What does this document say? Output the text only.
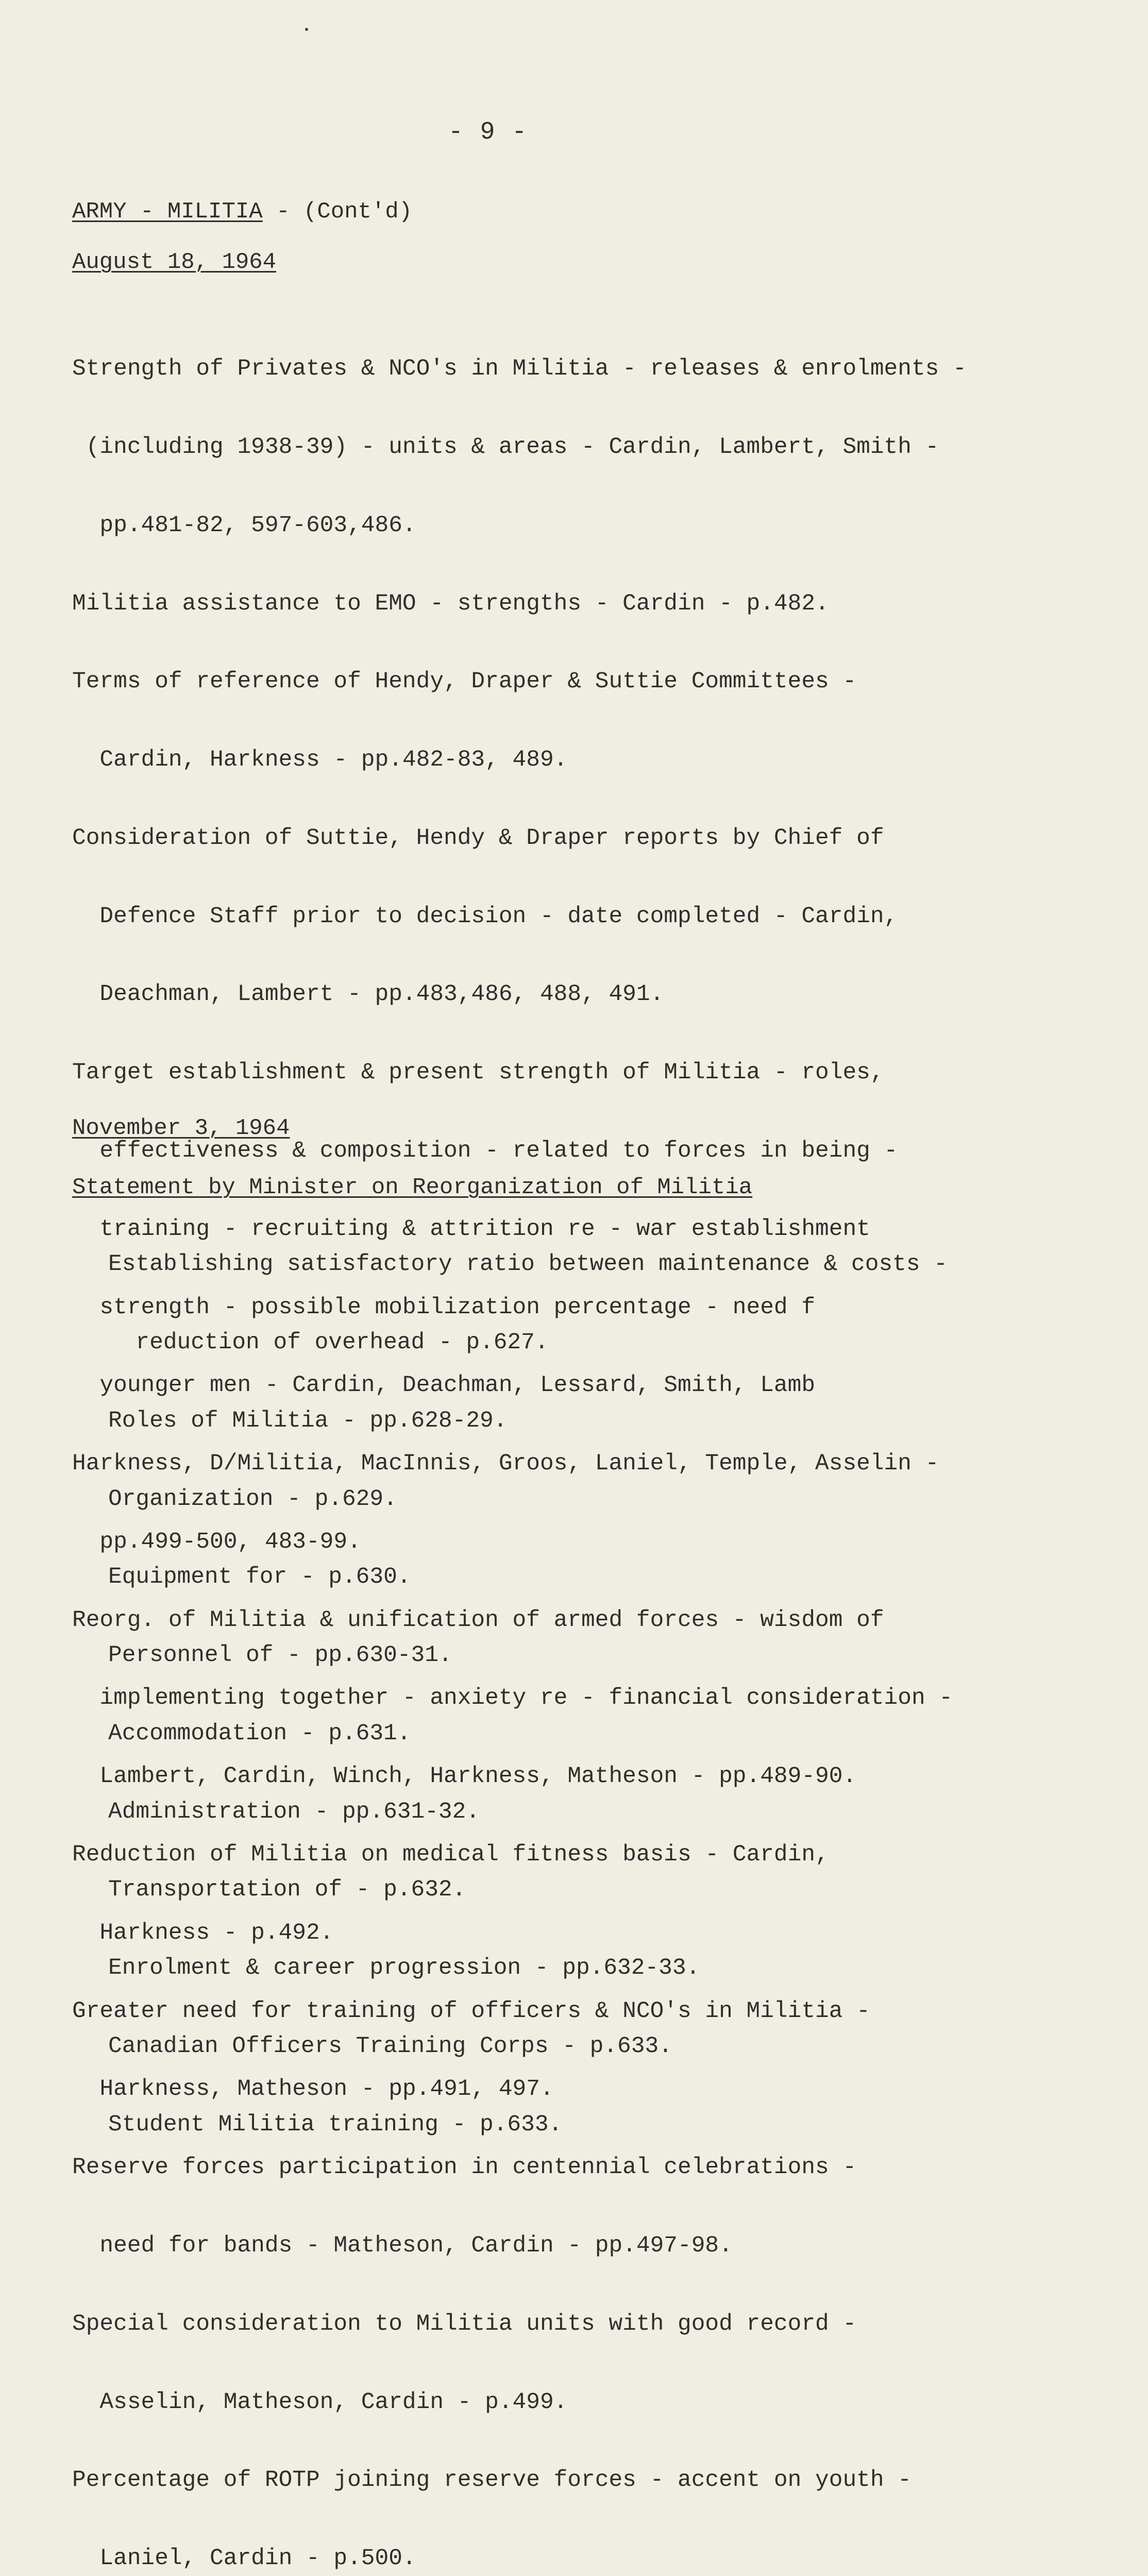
- 9 -
ARMY - MILITIA - (Cont'd)
August 18, 1964

Strength of Privates & NCO's in Militia - releases & enrolments -

(including 1938-39) - units & areas - Cardin, Lambert, Smith -

pp.481-82, 597-603,486.

Militia assistance to EMO - strengths - Cardin - p.482.

Terms of reference of Hendy, Draper & Suttie Committees -

Cardin, Harkness - pp.482-83, 489.

Consideration of Suttie, Hendy & Draper reports by Chief of

Defence Staff prior to decision - date completed - Cardin,

Deachman, Lambert - pp.483,486, 488, 491.

Target establishment & present strength of Militia - roles,

effectiveness & composition - related to forces in being -

training - recruiting & attrition re - war establishment

strength - possible mobilization percentage - need f

younger men - Cardin, Deachman, Lessard, Smith, Lamb

Harkness, D/Militia, MacInnis, Groos, Laniel, Temple, Asselin -

pp.499-500, 483-99.

Reorg. of Militia & unification of armed forces - wisdom of

implementing together - anxiety re - financial consideration -

Lambert, Cardin, Winch, Harkness, Matheson - pp.489-90.

Reduction of Militia on medical fitness basis - Cardin,

Harkness - p.492.

Greater need for training of officers & NCO's in Militia -

Harkness, Matheson - pp.491, 497.

Reserve forces participation in centennial celebrations -

need for bands - Matheson, Cardin - pp.497-98.

Special consideration to Militia units with good record -

Asselin, Matheson, Cardin - p.499.

Percentage of ROTP joining reserve forces - accent on youth -

Laniel, Cardin - p.500.

November 3, 1964
Statement by Minister on Reorganization of Militia

Establishing satisfactory ratio between maintenance & costs -

reduction of overhead - p.627.

Roles of Militia - pp.628-29.

Organization - p.629.

Equipment for - p.630.

Personnel of - pp.630-31.

Accommodation - p.631.

Administration - pp.631-32.

Transportation of - p.632.

Enrolment & career progression - pp.632-33.

Canadian Officers Training Corps - p.633.

Student Militia training - p.633.
